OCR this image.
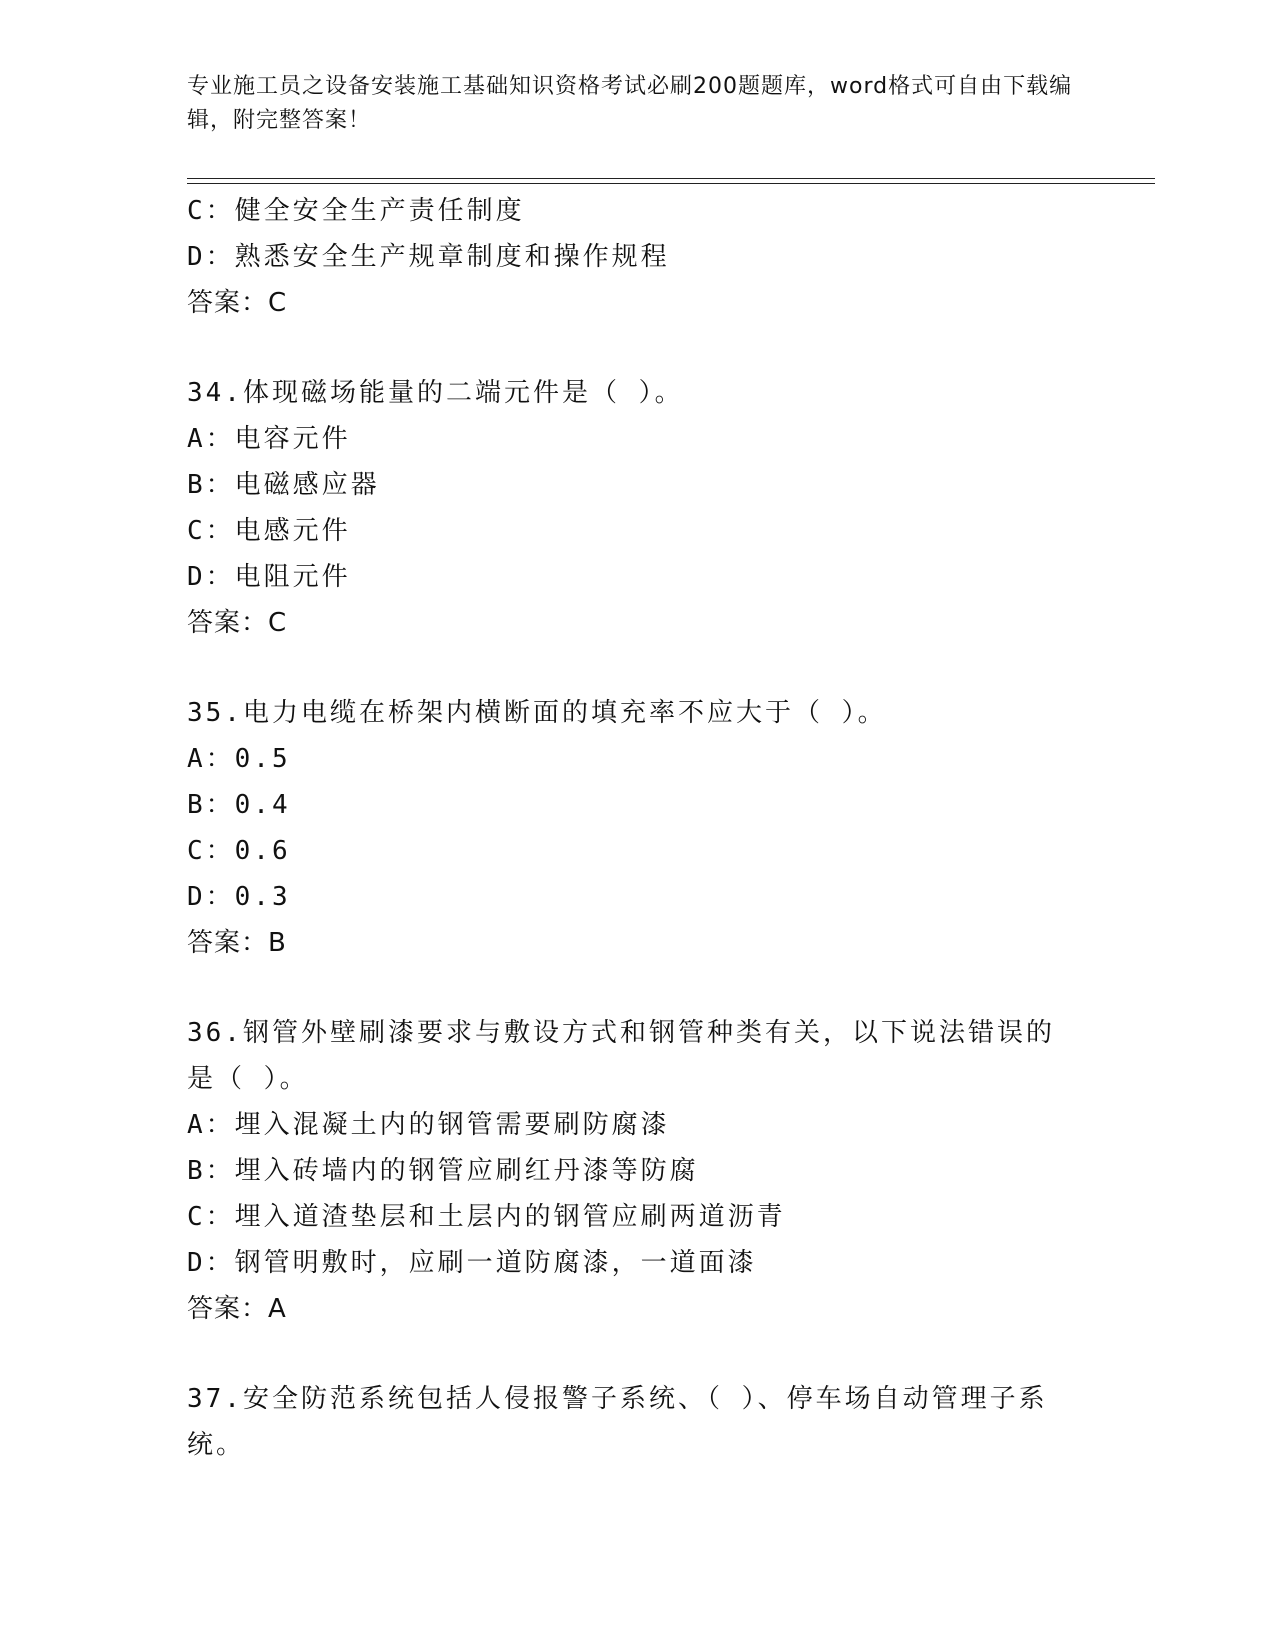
专业施工员之设备安装施工基础知识资格考试必刷200题题库，word格式可自由下载编辑，附完整答案！
C：健全安全生产责任制度
D：熟悉安全生产规章制度和操作规程
答案：C
34.体现磁场能量的二端元件是（ ）。
A：电容元件
B：电磁感应器
C：电感元件
D：电阻元件
答案：C
35.电力电缆在桥架内横断面的填充率不应大于（ ）。
A：0.5
B：0.4
C：0.6
D：0.3
答案：B
36.钢管外壁刷漆要求与敷设方式和钢管种类有关，以下说法错误的是（ ）。
A：埋入混凝土内的钢管需要刷防腐漆
B：埋入砖墙内的钢管应刷红丹漆等防腐
C：埋入道渣垫层和土层内的钢管应刷两道沥青
D：钢管明敷时，应刷一道防腐漆，一道面漆
答案：A
37.安全防范系统包括人侵报警子系统、（ ）、停车场自动管理子系统。
